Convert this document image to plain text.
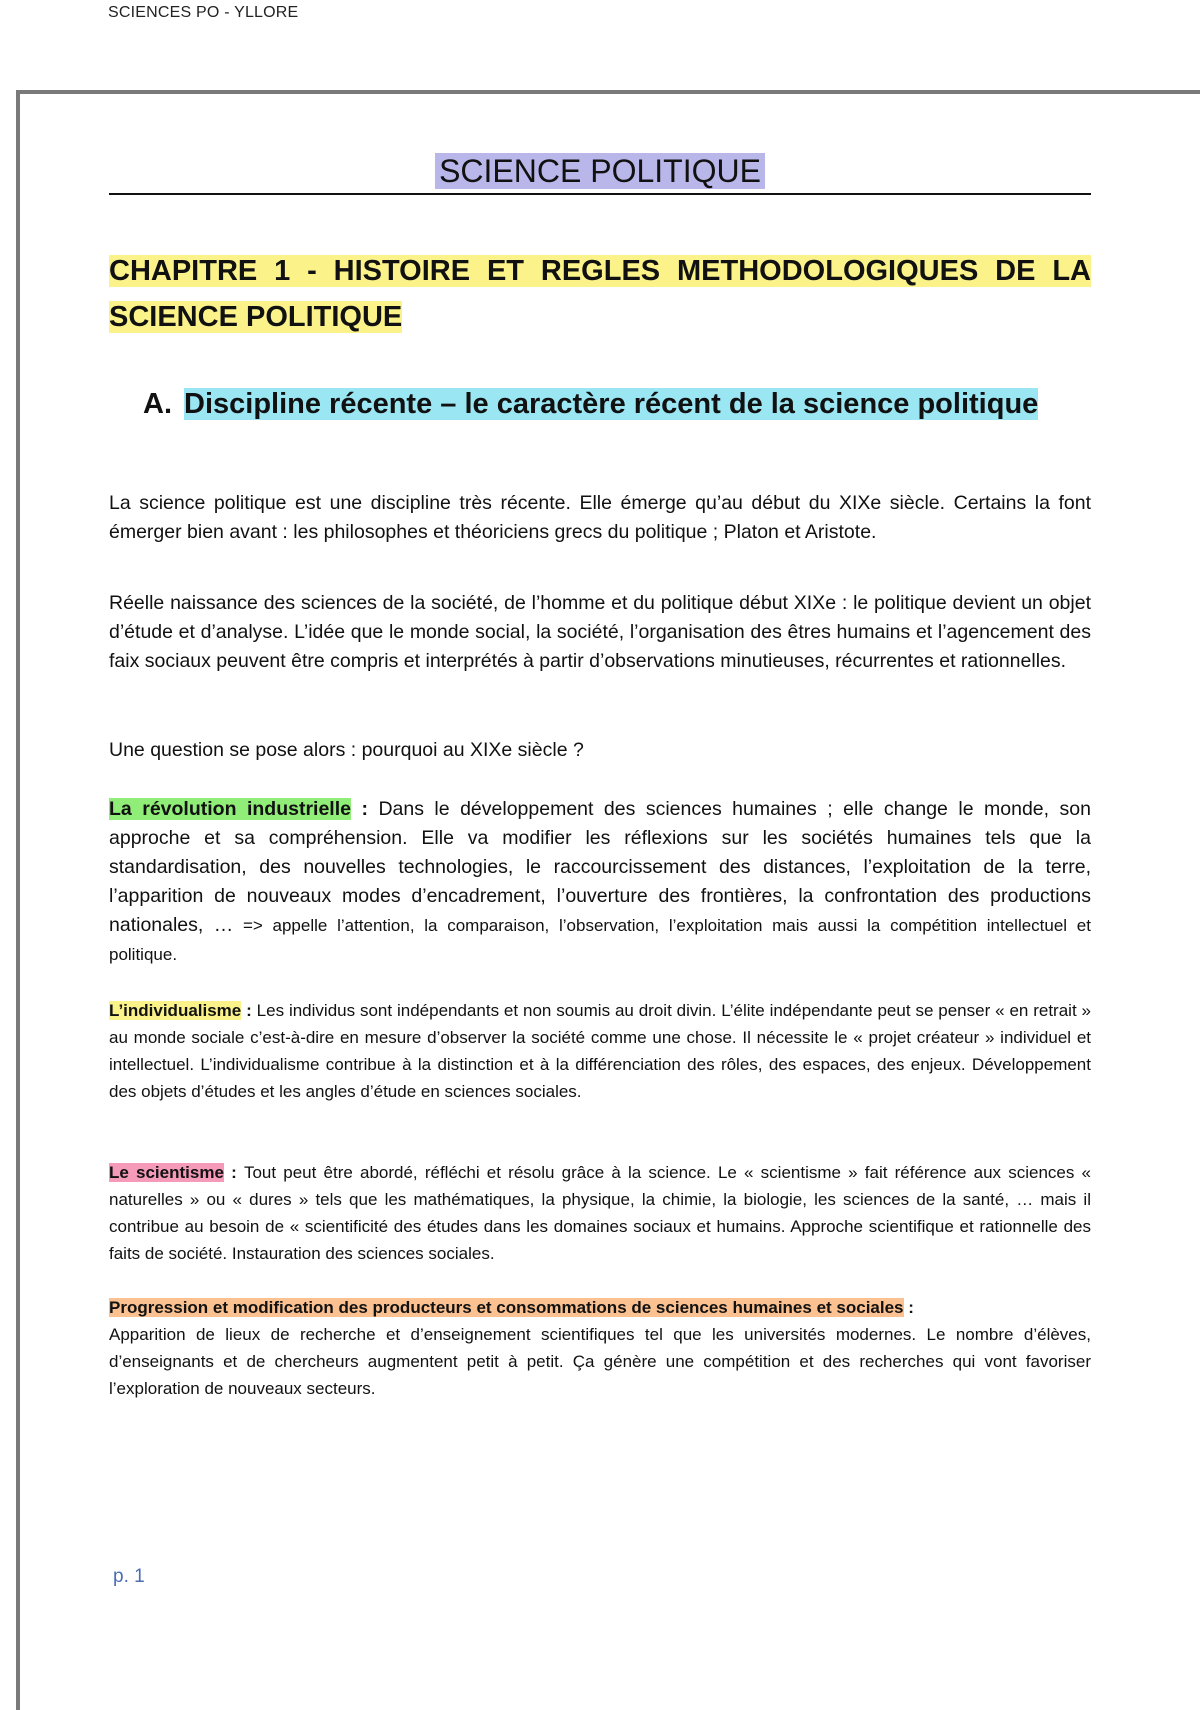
SCIENCES PO - YLLORE
SCIENCE POLITIQUE

CHAPITRE 1 - HISTOIRE ET REGLES METHODOLOGIQUES DE LA SCIENCE POLITIQUE

A. Discipline récente – le caractère récent de la science politique

La science politique est une discipline très récente. Elle émerge qu’au début du XIXe siècle. Certains la font émerger bien avant : les philosophes et théoriciens grecs du politique ; Platon et Aristote.

Réelle naissance des sciences de la société, de l’homme et du politique début XIXe : le politique devient un objet d’étude et d’analyse. L’idée que le monde social, la société, l’organisation des êtres humains et l’agencement des faix sociaux peuvent être compris et interprétés à partir d’observations minutieuses, récurrentes et rationnelles.

Une question se pose alors : pourquoi au XIXe siècle ?

La révolution industrielle : Dans le développement des sciences humaines ; elle change le monde, son approche et sa compréhension. Elle va modifier les réflexions sur les sociétés humaines tels que la standardisation, des nouvelles technologies, le raccourcissement des distances, l’exploitation de la terre, l’apparition de nouveaux modes d’encadrement, l’ouverture des frontières, la confrontation des productions nationales, … => appelle l’attention, la comparaison, l’observation, l’exploitation mais aussi la compétition intellectuel et politique.

L’individualisme : Les individus sont indépendants et non soumis au droit divin. L’élite indépendante peut se penser « en retrait » au monde sociale c’est-à-dire en mesure d’observer la société comme une chose. Il nécessite le « projet créateur » individuel et intellectuel. L’individualisme contribue à la distinction et à la différenciation des rôles, des espaces, des enjeux. Développement des objets d’études et les angles d’étude en sciences sociales.

Le scientisme : Tout peut être abordé, réfléchi et résolu grâce à la science. Le « scientisme » fait référence aux sciences « naturelles » ou « dures » tels que les mathématiques, la physique, la chimie, la biologie, les sciences de la santé, … mais il contribue au besoin de « scientificité des études dans les domaines sociaux et humains. Approche scientifique et rationnelle des faits de société. Instauration des sciences sociales.

Progression et modification des producteurs et consommations de sciences humaines et sociales :
Apparition de lieux de recherche et d’enseignement scientifiques tel que les universités modernes. Le nombre d’élèves, d’enseignants et de chercheurs augmentent petit à petit. Ça génère une compétition et des recherches qui vont favoriser l’exploration de nouveaux secteurs.

p. 1
